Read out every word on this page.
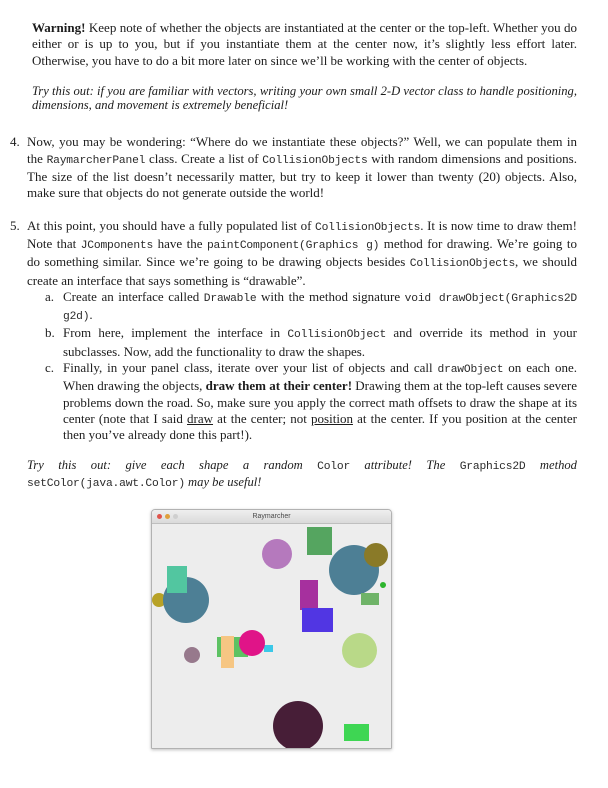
Warning! Keep note of whether the objects are instantiated at the center or the top-left. Whether you do either or is up to you, but if you instantiate them at the center now, it’s slightly less effort later. Otherwise, you have to do a bit more later on since we’ll be working with the center of objects.

Try this out: if you are familiar with vectors, writing your own small 2-D vector class to handle positioning, dimensions, and movement is extremely beneficial!

4. Now, you may be wondering: “Where do we instantiate these objects?” Well, we can populate them in the RaymarcherPanel class. Create a list of CollisionObjects with random dimensions and positions. The size of the list doesn’t necessarily matter, but try to keep it lower than twenty (20) objects. Also, make sure that objects do not generate outside the world!
5. At this point, you should have a fully populated list of CollisionObjects. It is now time to draw them! Note that JComponents have the paintComponent(Graphics g) method for drawing. We’re going to do something similar. Since we’re going to be drawing objects besides CollisionObjects, we should create an interface that says something is “drawable”.
a. Create an interface called Drawable with the method signature void drawObject(Graphics2D g2d).
b. From here, implement the interface in CollisionObject and override its method in your subclasses. Now, add the functionality to draw the shapes.
c. Finally, in your panel class, iterate over your list of objects and call drawObject on each one. When drawing the objects, draw them at their center! Drawing them at the top-left causes severe problems down the road. So, make sure you apply the correct math offsets to draw the shape at its center (note that I said draw at the center; not position at the center. If you position at the center then you’ve already done this part!).

Try this out: give each shape a random Color attribute! The Graphics2D method setColor(java.awt.Color) may be useful!

Raymarcher
